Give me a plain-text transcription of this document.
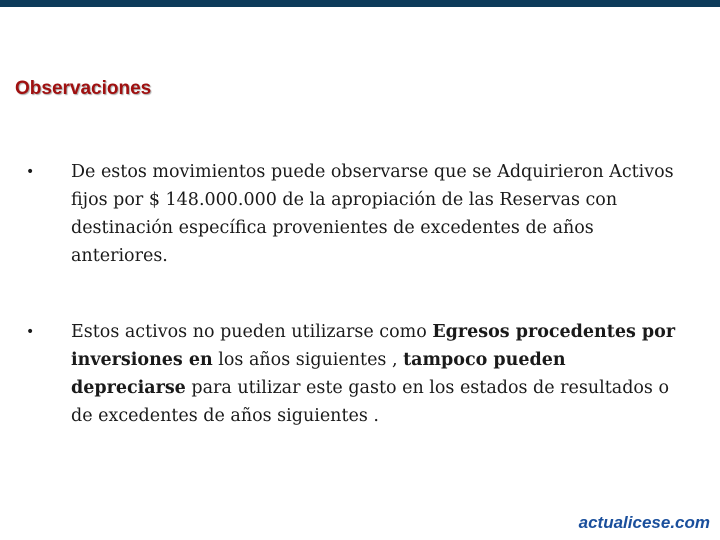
Observaciones
•	De estos movimientos puede observarse que se Adquirieron Activos fijos por $ 148.000.000 de la apropiación de las Reservas con destinación específica provenientes de excedentes de años anteriores.
•	Estos activos no pueden utilizarse como Egresos procedentes por inversiones en los años siguientes , tampoco pueden depreciarse para utilizar este gasto en los estados de resultados o de excedentes de años siguientes .
actualicese.com
